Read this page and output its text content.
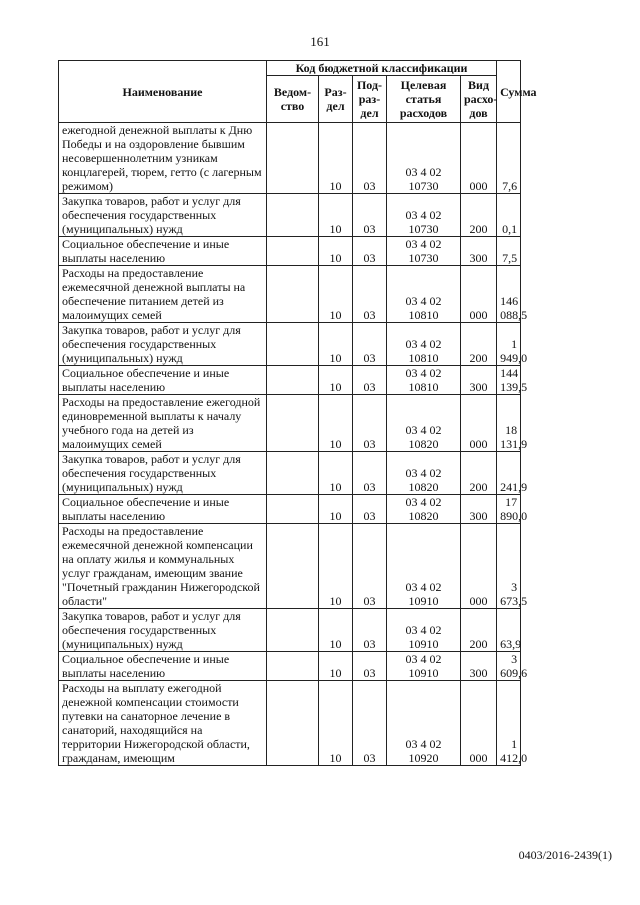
161
Наименование	Код бюджетной классификации					Сумма
	Ведом-ство	Раз-дел	Под-раз-дел	Целевая статья расходов	Вид расхо-дов	
ежегодной денежной выплаты к Дню Победы и на оздоровление бывшим несовершеннолетним узникам концлагерей, тюрем, гетто (с лагерным режимом)		10	03	03 4 02 10730	000	7,6
Закупка товаров, работ и услуг для обеспечения государственных (муниципальных) нужд		10	03	03 4 02 10730	200	0,1
Социальное обеспечение и иные выплаты населению		10	03	03 4 02 10730	300	7,5
Расходы на предоставление ежемесячной денежной выплаты на обеспечение питанием детей из малоимущих семей		10	03	03 4 02 10810	000	146 088,5
Закупка товаров, работ и услуг для обеспечения государственных (муниципальных) нужд		10	03	03 4 02 10810	200	1 949,0
Социальное обеспечение и иные выплаты населению		10	03	03 4 02 10810	300	144 139,5
Расходы на предоставление ежегодной единовременной выплаты к началу учебного года на детей из малоимущих семей		10	03	03 4 02 10820	000	18 131,9
Закупка товаров, работ и услуг для обеспечения государственных (муниципальных) нужд		10	03	03 4 02 10820	200	241,9
Социальное обеспечение и иные выплаты населению		10	03	03 4 02 10820	300	17 890,0
Расходы на предоставление ежемесячной денежной компенсации на оплату жилья и коммунальных услуг гражданам, имеющим звание "Почетный гражданин Нижегородской области"		10	03	03 4 02 10910	000	3 673,5
Закупка товаров, работ и услуг для обеспечения государственных (муниципальных) нужд		10	03	03 4 02 10910	200	63,9
Социальное обеспечение и иные выплаты населению		10	03	03 4 02 10910	300	3 609,6
Расходы на выплату ежегодной денежной компенсации стоимости путевки на санаторное лечение в санаторий, находящийся на территории Нижегородской области, гражданам, имеющим		10	03	03 4 02 10920	000	1 412,0
0403/2016-2439(1)
